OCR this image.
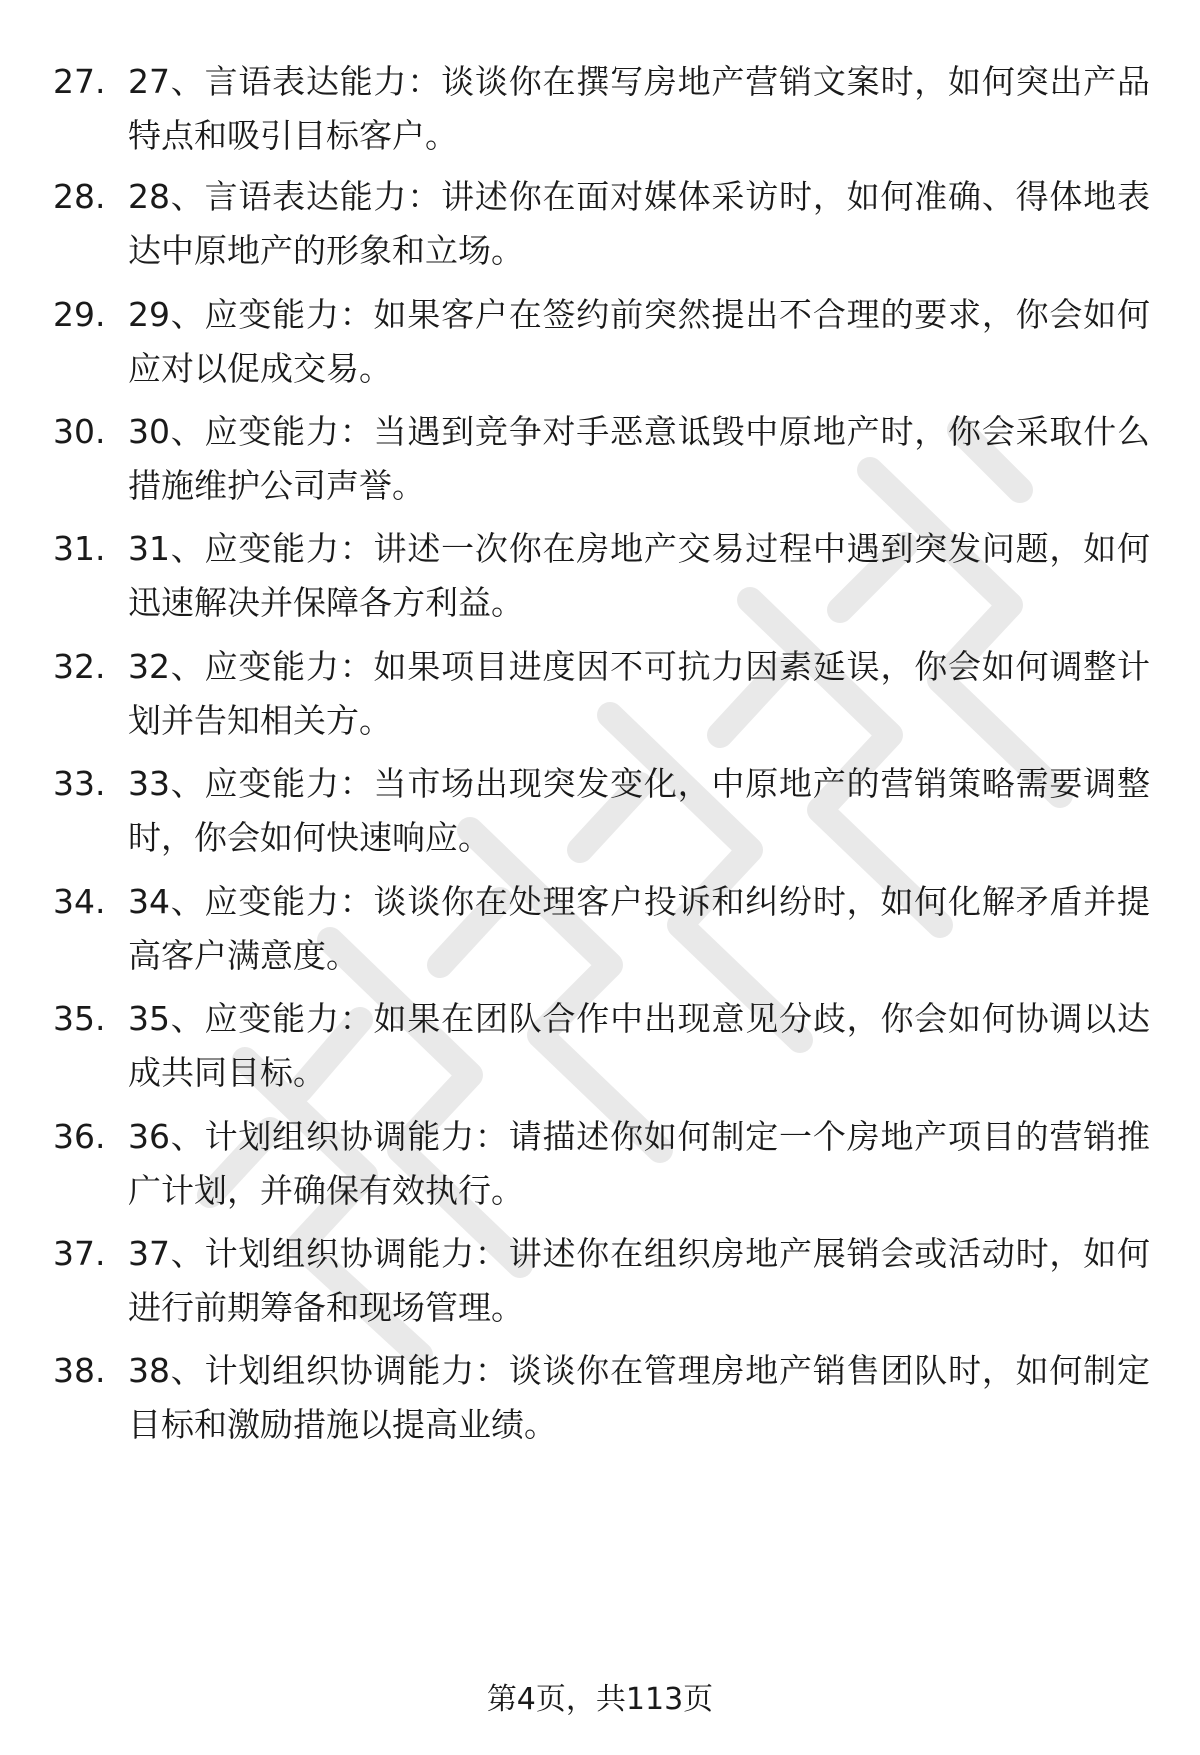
27. 27、言语表达能力：谈谈你在撰写房地产营销文案时，如何突出产品特点和吸引目标客户。
28. 28、言语表达能力：讲述你在面对媒体采访时，如何准确、得体地表达中原地产的形象和立场。
29. 29、应变能力：如果客户在签约前突然提出不合理的要求，你会如何应对以促成交易。
30. 30、应变能力：当遇到竞争对手恶意诋毁中原地产时，你会采取什么措施维护公司声誉。
31. 31、应变能力：讲述一次你在房地产交易过程中遇到突发问题，如何迅速解决并保障各方利益。
32. 32、应变能力：如果项目进度因不可抗力因素延误，你会如何调整计划并告知相关方。
33. 33、应变能力：当市场出现突发变化，中原地产的营销策略需要调整时，你会如何快速响应。
34. 34、应变能力：谈谈你在处理客户投诉和纠纷时，如何化解矛盾并提高客户满意度。
35. 35、应变能力：如果在团队合作中出现意见分歧，你会如何协调以达成共同目标。
36. 36、计划组织协调能力：请描述你如何制定一个房地产项目的营销推广计划，并确保有效执行。
37. 37、计划组织协调能力：讲述你在组织房地产展销会或活动时，如何进行前期筹备和现场管理。
38. 38、计划组织协调能力：谈谈你在管理房地产销售团队时，如何制定目标和激励措施以提高业绩。
第4页，共113页
